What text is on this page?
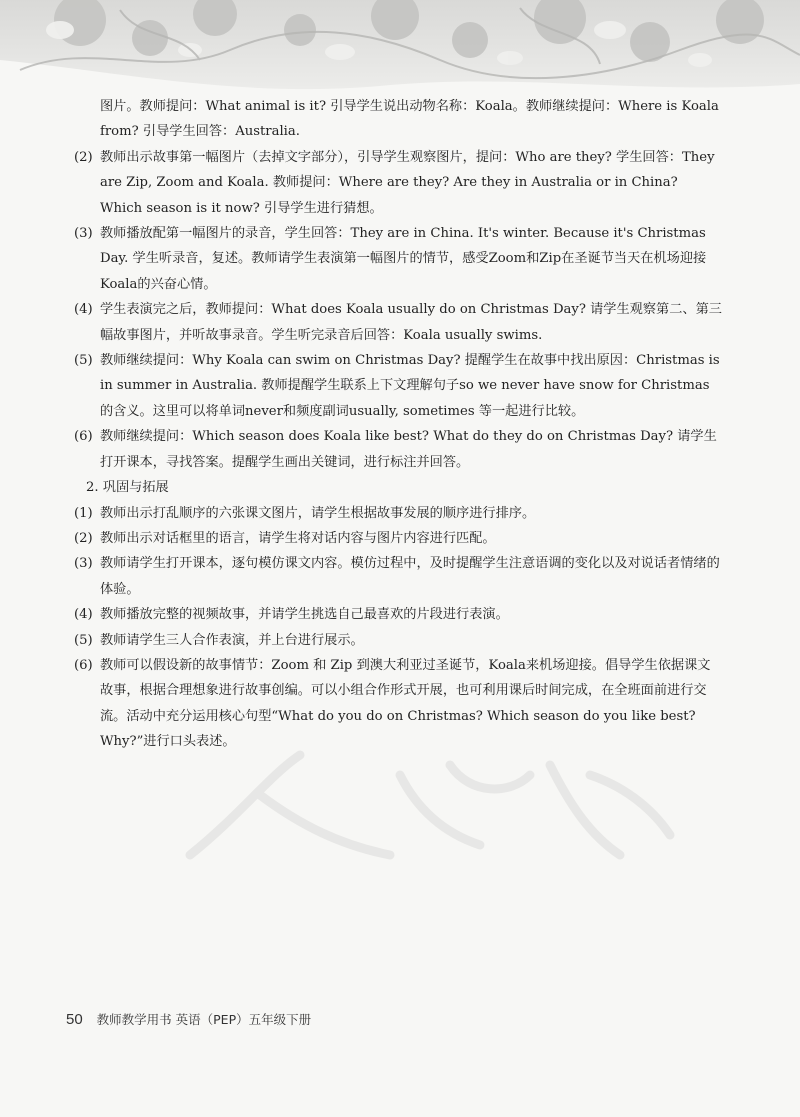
图片。教师提问：What animal is it? 引导学生说出动物名称：Koala。教师继续提问：Where is Koala from? 引导学生回答：Australia.
(2) 教师出示故事第一幅图片（去掉文字部分），引导学生观察图片，提问：Who are they? 学生回答：They are Zip, Zoom and Koala. 教师提问：Where are they? Are they in Australia or in China? Which season is it now? 引导学生进行猜想。
(3) 教师播放配第一幅图片的录音，学生回答：They are in China. It's winter. Because it's Christmas Day. 学生听录音，复述。教师请学生表演第一幅图片的情节，感受Zoom和Zip在圣诞节当天在机场迎接Koala的兴奋心情。
(4) 学生表演完之后，教师提问：What does Koala usually do on Christmas Day? 请学生观察第二、第三幅故事图片，并听故事录音。学生听完录音后回答：Koala usually swims.
(5) 教师继续提问：Why Koala can swim on Christmas Day? 提醒学生在故事中找出原因：Christmas is in summer in Australia. 教师提醒学生联系上下文理解句子so we never have snow for Christmas的含义。这里可以将单词never和频度副词usually, sometimes 等一起进行比较。
(6) 教师继续提问：Which season does Koala like best? What do they do on Christmas Day? 请学生打开课本，寻找答案。提醒学生画出关键词，进行标注并回答。
2. 巩固与拓展
(1) 教师出示打乱顺序的六张课文图片，请学生根据故事发展的顺序进行排序。
(2) 教师出示对话框里的语言，请学生将对话内容与图片内容进行匹配。
(3) 教师请学生打开课本，逐句模仿课文内容。模仿过程中，及时提醒学生注意语调的变化以及对说话者情绪的体验。
(4) 教师播放完整的视频故事，并请学生挑选自己最喜欢的片段进行表演。
(5) 教师请学生三人合作表演，并上台进行展示。
(6) 教师可以假设新的故事情节：Zoom 和 Zip 到澳大利亚过圣诞节，Koala来机场迎接。倡导学生依据课文故事，根据合理想象进行故事创编。可以小组合作形式开展，也可利用课后时间完成，在全班面前进行交流。活动中充分运用核心句型“What do you do on Christmas? Which season do you like best? Why?”进行口头表述。
50 教师教学用书 英语（PEP）五年级下册
